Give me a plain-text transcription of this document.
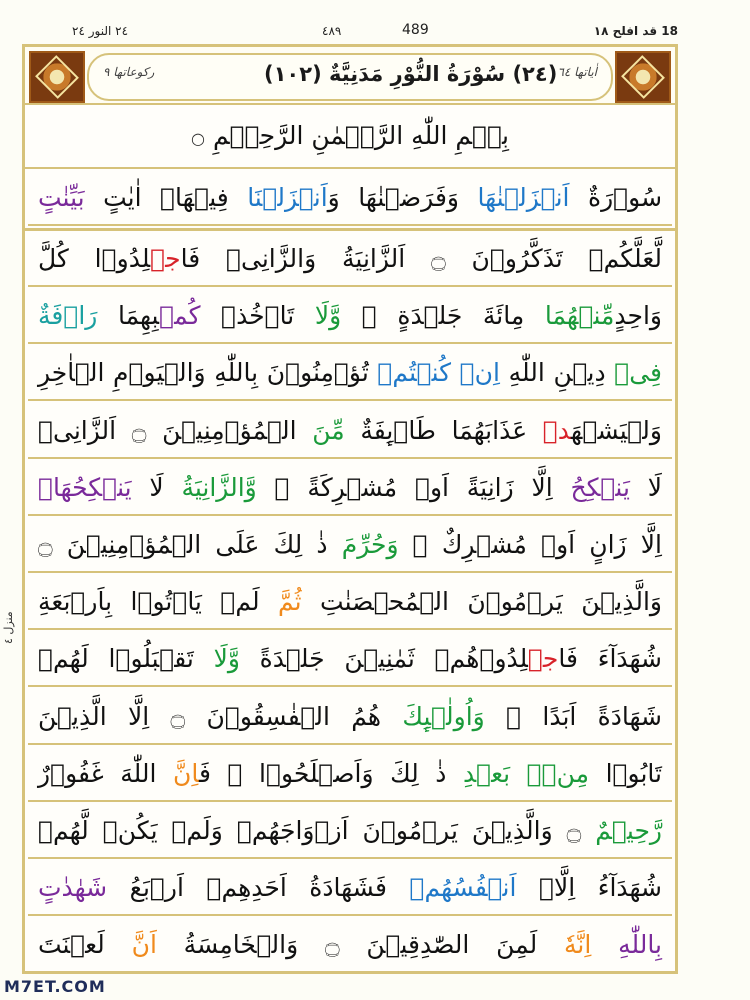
٢٤ النور ٢٤	٤٨٩	489	18 قد افلح ١٨
ركوعاتها ٩	(٢٤) سُوْرَةُ النُّوْرِ مَدَنِيَّةٌ (١٠٢) اٰياتها ٦٤
بِسۡمِ اللّٰهِ الرَّحۡمٰنِ الرَّحِيۡمِ ○
سُوۡرَةٌ اَنۡزَلۡنٰهَا وَفَرَضۡنٰهَا وَاَنۡزَلۡنَا فِيۡهَاۤ اٰيٰتٍ بَيِّنٰتٍ
لَّعَلَّكُمۡ تَذَكَّرُوۡنَ ۝ اَلزَّانِيَةُ وَالزَّانِىۡ فَاجۡلِدُوۡا كُلَّ
وَاحِدٍمِّنۡهُمَا مِائَةَ جَلۡدَةٍ ۖ وَّلَا تَاۡخُذۡ كُمۡبِهِمَا رَاۡفَةٌ
فِىۡ دِيۡنِ اللّٰهِ اِنۡ كُنۡتُمۡ تُؤۡمِنُوۡنَ بِاللّٰهِ وَالۡيَوۡمِ الۡاٰخِرِ
وَلۡيَشۡهَدۡ عَذَابَهُمَا طَاۤٮِٕفَةٌ مِّنَ الۡمُؤۡمِنِيۡنَ ۝ اَلزَّانِىۡ
لَا يَنۡكِحُ اِلَّا زَانِيَةً اَوۡ مُشۡرِكَةً ۖ وَّالزَّانِيَةُ لَا يَنۡكِحُهَاۤ
اِلَّا زَانٍ اَوۡ مُشۡرِكٌ ۚ وَحُرِّمَ ذٰ لِكَ عَلَى الۡمُؤۡمِنِيۡنَ ۝
وَالَّذِيۡنَ يَرۡمُوۡنَ الۡمُحۡصَنٰتِ ثُمَّ لَمۡ يَاۡتُوۡا بِاَرۡبَعَةِ
شُهَدَآءَ فَاجۡلِدُوۡهُمۡ ثَمٰنِيۡنَ جَلۡدَةً وَّلَا تَقۡبَلُوۡا لَهُمۡ
شَهَادَةً اَبَدًا ۚ وَاُولٰۤٮِٕكَ هُمُ الۡفٰسِقُوۡنَ ۝ اِلَّا الَّذِيۡنَ
تَابُوۡا مِنۡۢ بَعۡدِ ذٰ لِكَ وَاَصۡلَحُوۡا ۚ فَاِنَّ اللّٰهَ غَفُوۡرٌ
رَّحِيۡمٌ ۝ وَالَّذِيۡنَ يَرۡمُوۡنَ اَزۡوَاجَهُمۡ وَلَمۡ يَكُنۡ لَّهُمۡ
شُهَدَآءُ اِلَّاۤ اَنۡفُسُهُمۡ فَشَهَادَةُ اَحَدِهِمۡ اَرۡبَعُ شَهٰدٰتٍ
بِاللّٰهِ اِنَّهٗ لَمِنَ الصّٰدِقِيۡنَ ۝ وَالۡخَامِسَةُ اَنَّ لَعۡنَتَ
منزل ٤
M7ET.COM
